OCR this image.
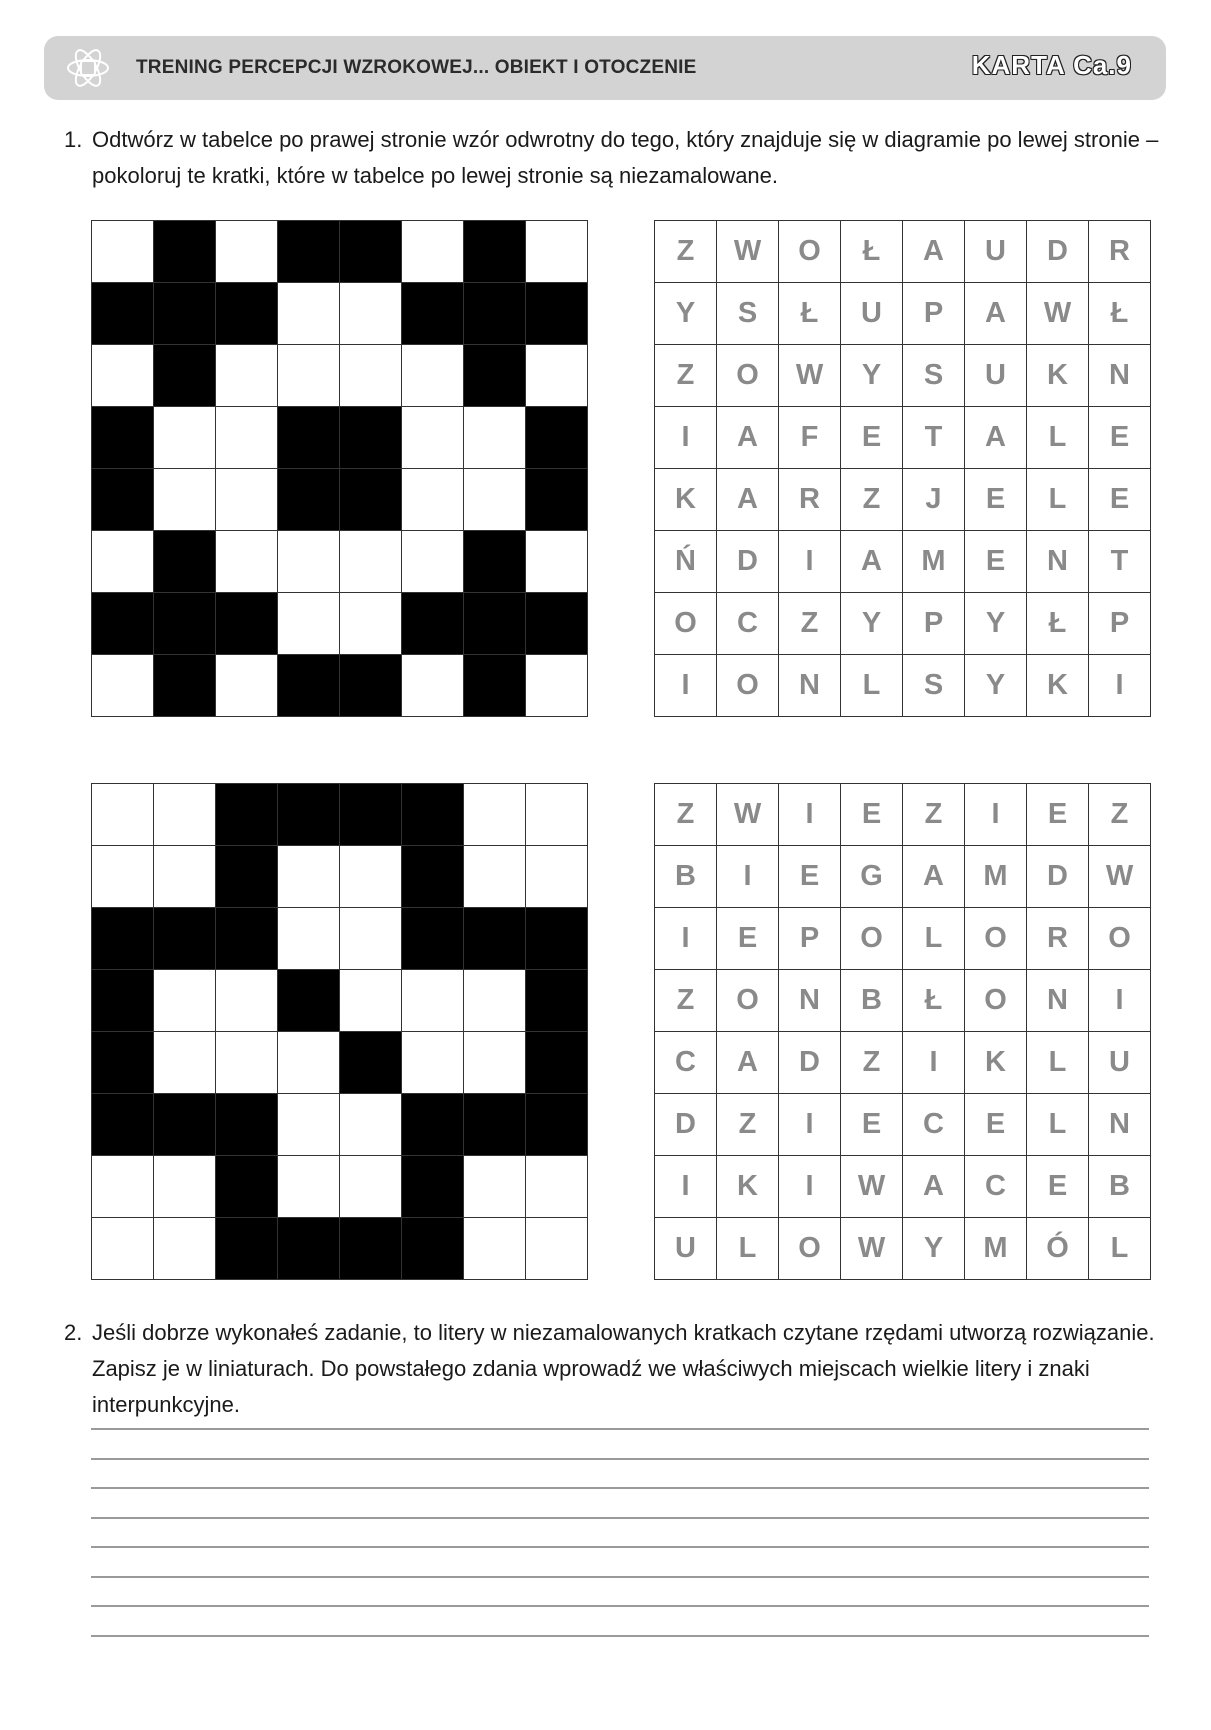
TRENING PERCEPCJI WZROKOWEJ... OBIEKT I OTOCZENIE	KARTA Ca.9
1. Odtwórz w tabelce po prawej stronie wzór odwrotny do tego, który znajduje się w diagramie po lewej stronie – pokoloruj te kratki, które w tabelce po lewej stronie są niezamalowane.
Z	W	O	Ł	A	U	D	R
Y	S	Ł	U	P	A	W	Ł
Z	O	W	Y	S	U	K	N
I	A	F	E	T	A	L	E
K	A	R	Z	J	E	L	E
Ń	D	I	A	M	E	N	T
O	C	Z	Y	P	Y	Ł	P
I	O	N	L	S	Y	K	I
Z	W	I	E	Z	I	E	Z
B	I	E	G	A	M	D	W
I	E	P	O	L	O	R	O
Z	O	N	B	Ł	O	N	I
C	A	D	Z	I	K	L	U
D	Z	I	E	C	E	L	N
I	K	I	W	A	C	E	B
U	L	O	W	Y	M	Ó	L
2. Jeśli dobrze wykonałeś zadanie, to litery w niezamalowanych kratkach czytane rzędami utworzą rozwiązanie. Zapisz je w liniaturach. Do powstałego zdania wprowadź we właściwych miejscach wielkie litery i znaki interpunkcyjne.
